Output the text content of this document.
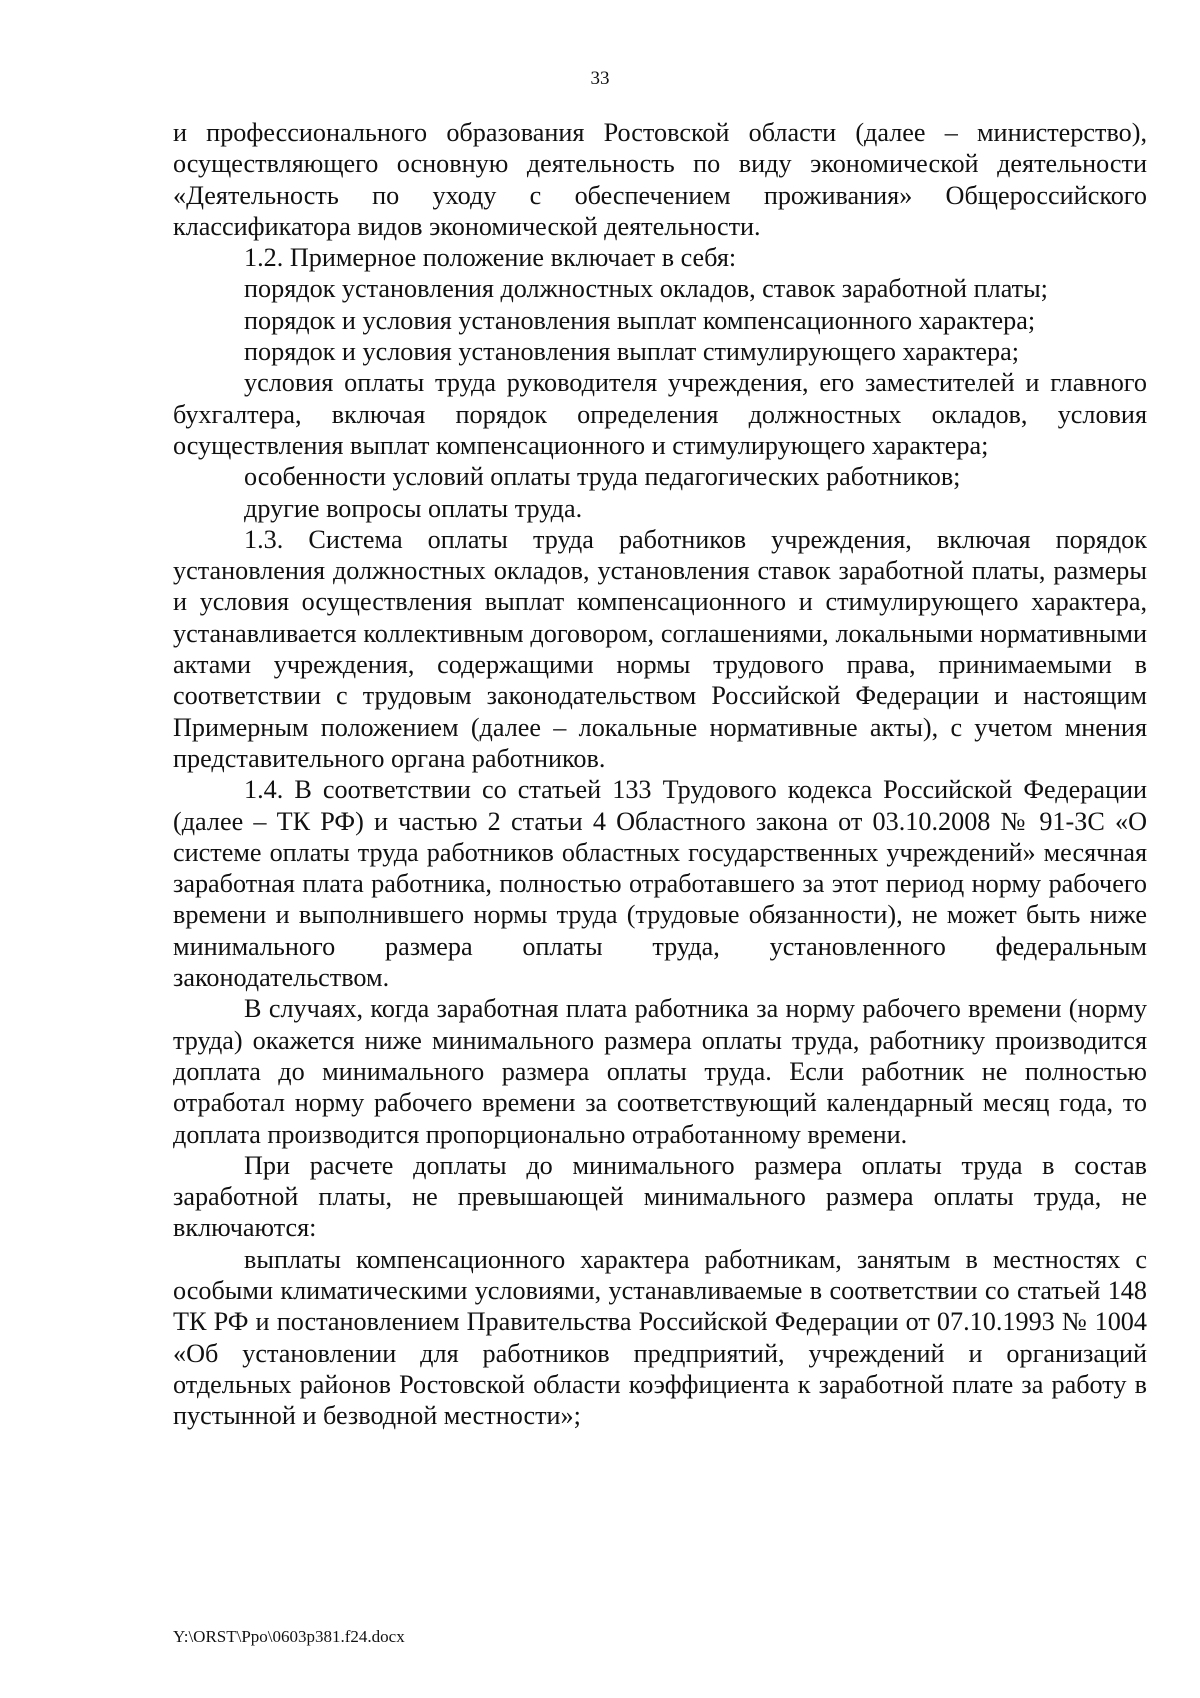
33

и профессионального образования Ростовской области (далее – министерство), осуществляющего основную деятельность по виду экономической деятельности «Деятельность по уходу с обеспечением проживания» Общероссийского классификатора видов экономической деятельности.

1.2. Примерное положение включает в себя:

порядок установления должностных окладов, ставок заработной платы;

порядок и условия установления выплат компенсационного характера;

порядок и условия установления выплат стимулирующего характера;

условия оплаты труда руководителя учреждения, его заместителей и главного бухгалтера, включая порядок определения должностных окладов, условия осуществления выплат компенсационного и стимулирующего характера;

особенности условий оплаты труда педагогических работников;

другие вопросы оплаты труда.

1.3. Система оплаты труда работников учреждения, включая порядок установления должностных окладов, установления ставок заработной платы, размеры и условия осуществления выплат компенсационного и стимулирующего характера, устанавливается коллективным договором, соглашениями, локальными нормативными актами учреждения, содержащими нормы трудового права, принимаемыми в соответствии с трудовым законодательством Российской Федерации и настоящим Примерным положением (далее – локальные нормативные акты), с учетом мнения представительного органа работников.

1.4. В соответствии со статьей 133 Трудового кодекса Российской Федерации (далее – ТК РФ) и частью 2 статьи 4 Областного закона от 03.10.2008 № 91-ЗС «О системе оплаты труда работников областных государственных учреждений» месячная заработная плата работника, полностью отработавшего за этот период норму рабочего времени и выполнившего нормы труда (трудовые обязанности), не может быть ниже минимального размера оплаты труда, установленного федеральным законодательством.

В случаях, когда заработная плата работника за норму рабочего времени (норму труда) окажется ниже минимального размера оплаты труда, работнику производится доплата до минимального размера оплаты труда. Если работник не полностью отработал норму рабочего времени за соответствующий календарный месяц года, то доплата производится пропорционально отработанному времени.

При расчете доплаты до минимального размера оплаты труда в состав заработной платы, не превышающей минимального размера оплаты труда, не включаются:

выплаты компенсационного характера работникам, занятым в местностях с особыми климатическими условиями, устанавливаемые в соответствии со статьей 148 ТК РФ и постановлением Правительства Российской Федерации от 07.10.1993 № 1004 «Об установлении для работников предприятий, учреждений и организаций отдельных районов Ростовской области коэффициента к заработной плате за работу в пустынной и безводной местности»;

Y:\ORST\Ppo\0603p381.f24.docx
